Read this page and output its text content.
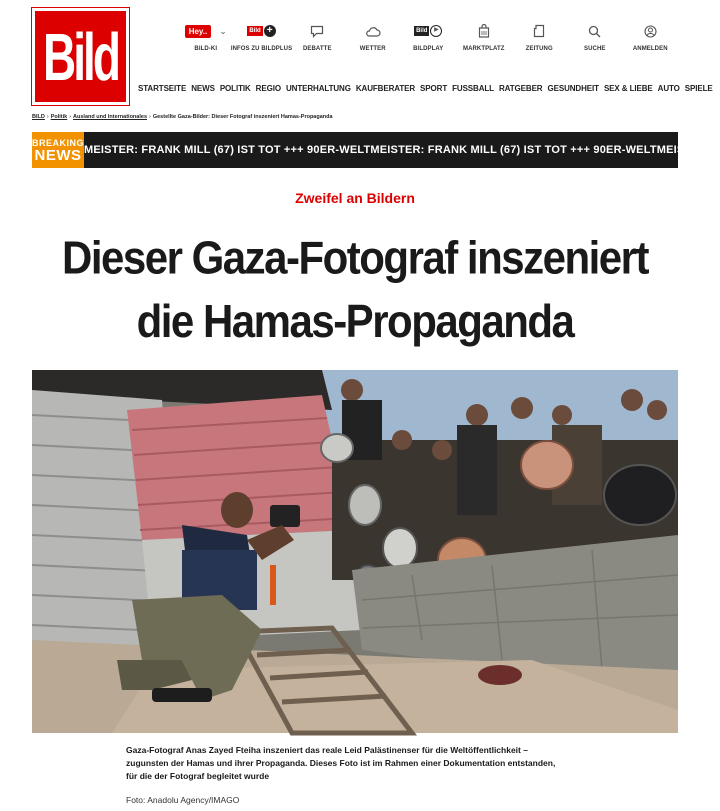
Bild	Hey..	⌄
BILD-KI
Bild +
INFOS ZU BILDPLUS DEBATTE	WETTER
Bild	▶
BILDPLAY	MARKTPLATZ	ZEITUNG	SUCHE	ANMELDEN
STARTSEITE NEWS POLITIK REGIO UNTERHALTUNG KAUFBERATER SPORT FUSSBALL RATGEBER GESUNDHEIT SEX & LIEBE AUTO SPIELE
BILD › Politik › Ausland und Internationales › Gestellte Gaza-Bilder: Dieser Fotograf inszeniert Hamas-Propaganda
BREAKING
NEWS MEISTER: FRANK MILL (67) IST TOT +++ 90ER-WELTMEISTER: FRANK MILL (67) IST TOT +++ 90ER-WELTMEIS
Zweifel an Bildern
Dieser Gaza-Fotograf inszeniert
die Hamas-Propaganda
Gaza-Fotograf Anas Zayed Fteiha inszeniert das reale Leid Palästinenser für die Weltöffentlichkeit –
zugunsten der Hamas und ihrer Propaganda. Dieses Foto ist im Rahmen einer Dokumentation entstanden,
für die der Fotograf begleitet wurde
Foto: Anadolu Agency/IMAGO
